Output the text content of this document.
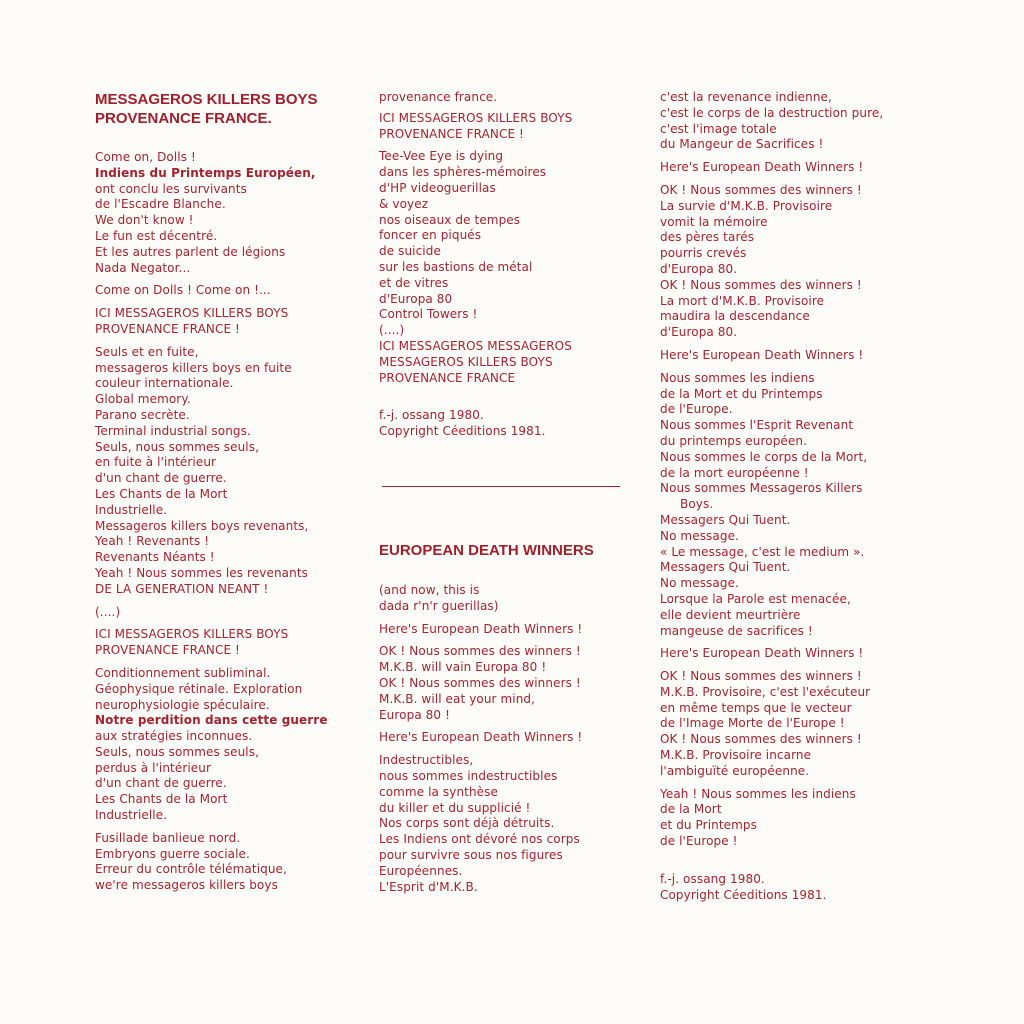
MESSAGEROS KILLERS BOYS
PROVENANCE FRANCE.
Come on, Dolls !
Indiens du Printemps Européen,
ont conclu les survivants
de l'Escadre Blanche.
We don't know !
Le fun est décentré.
Et les autres parlent de légions
Nada Negator...
Come on Dolls ! Come on !...
ICI MESSAGEROS KILLERS BOYS
PROVENANCE FRANCE !
Seuls et en fuite,
messageros killers boys en fuite
couleur internationale.
Global memory.
Parano secrète.
Terminal industrial songs.
Seuls, nous sommes seuls,
en fuite à l'intérieur
d'un chant de guerre.
Les Chants de la Mort
Industrielle.
Messageros killers boys revenants,
Yeah ! Revenants !
Revenants Néants !
Yeah ! Nous sommes les revenants
DE LA GENERATION NEANT !
(....)
ICI MESSAGEROS KILLERS BOYS
PROVENANCE FRANCE !
Conditionnement subliminal.
Géophysique rétinale. Exploration
neurophysiologie spéculaire.
Notre perdition dans cette guerre
aux stratégies inconnues.
Seuls, nous sommes seuls,
perdus à l'intérieur
d'un chant de guerre.
Les Chants de la Mort
Industrielle.
Fusillade banlieue nord.
Embryons guerre sociale.
Erreur du contrôle télématique,
we're messageros killers boys
provenance france.
ICI MESSAGEROS KILLERS BOYS
PROVENANCE FRANCE !
Tee-Vee Eye is dying
dans les sphères-mémoires
d'HP videoguerillas
& voyez
nos oiseaux de tempes
foncer en piqués
de suicide
sur les bastions de métal
et de vitres
d'Europa 80
Control Towers !
(....)
ICI MESSAGEROS MESSAGEROS
MESSAGEROS KILLERS BOYS
PROVENANCE FRANCE
f.-j. ossang 1980.
Copyright Céeditions 1981.
EUROPEAN DEATH WINNERS
(and now, this is
dada r'n'r guerillas)
Here's European Death Winners !
OK ! Nous sommes des winners !
M.K.B. will vain Europa 80 !
OK ! Nous sommes des winners !
M.K.B. will eat your mind,
Europa 80 !
Here's European Death Winners !
Indestructibles,
nous sommes indestructibles
comme la synthèse
du killer et du supplicié !
Nos corps sont déjà détruits.
Les Indiens ont dévoré nos corps
pour survivre sous nos figures
Européennes.
L'Esprit d'M.K.B.
c'est la revenance indienne,
c'est le corps de la destruction pure,
c'est l'image totale
du Mangeur de Sacrifices !
Here's European Death Winners !
OK ! Nous sommes des winners !
La survie d'M.K.B. Provisoire
vomit la mémoire
des pères tarés
pourris crevés
d'Europa 80.
OK ! Nous sommes des winners !
La mort d'M.K.B. Provisoire
maudira la descendance
d'Europa 80.
Here's European Death Winners !
Nous sommes les indiens
de la Mort et du Printemps
de l'Europe.
Nous sommes l'Esprit Revenant
du printemps européen.
Nous sommes le corps de la Mort,
de la mort européenne !
Nous sommes Messageros Killers
Boys.
Messagers Qui Tuent.
No message.
« Le message, c'est le medium ».
Messagers Qui Tuent.
No message.
Lorsque la Parole est menacée,
elle devient meurtrière
mangeuse de sacrifices !
Here's European Death Winners !
OK ! Nous sommes des winners !
M.K.B. Provisoire, c'est l'exécuteur
en même temps que le vecteur
de l'Image Morte de l'Europe !
OK ! Nous sommes des winners !
M.K.B. Provisoire incarne
l'ambiguïté européenne.
Yeah ! Nous sommes les indiens
de la Mort
et du Printemps
de l'Europe !
f.-j. ossang 1980.
Copyright Céeditions 1981.
